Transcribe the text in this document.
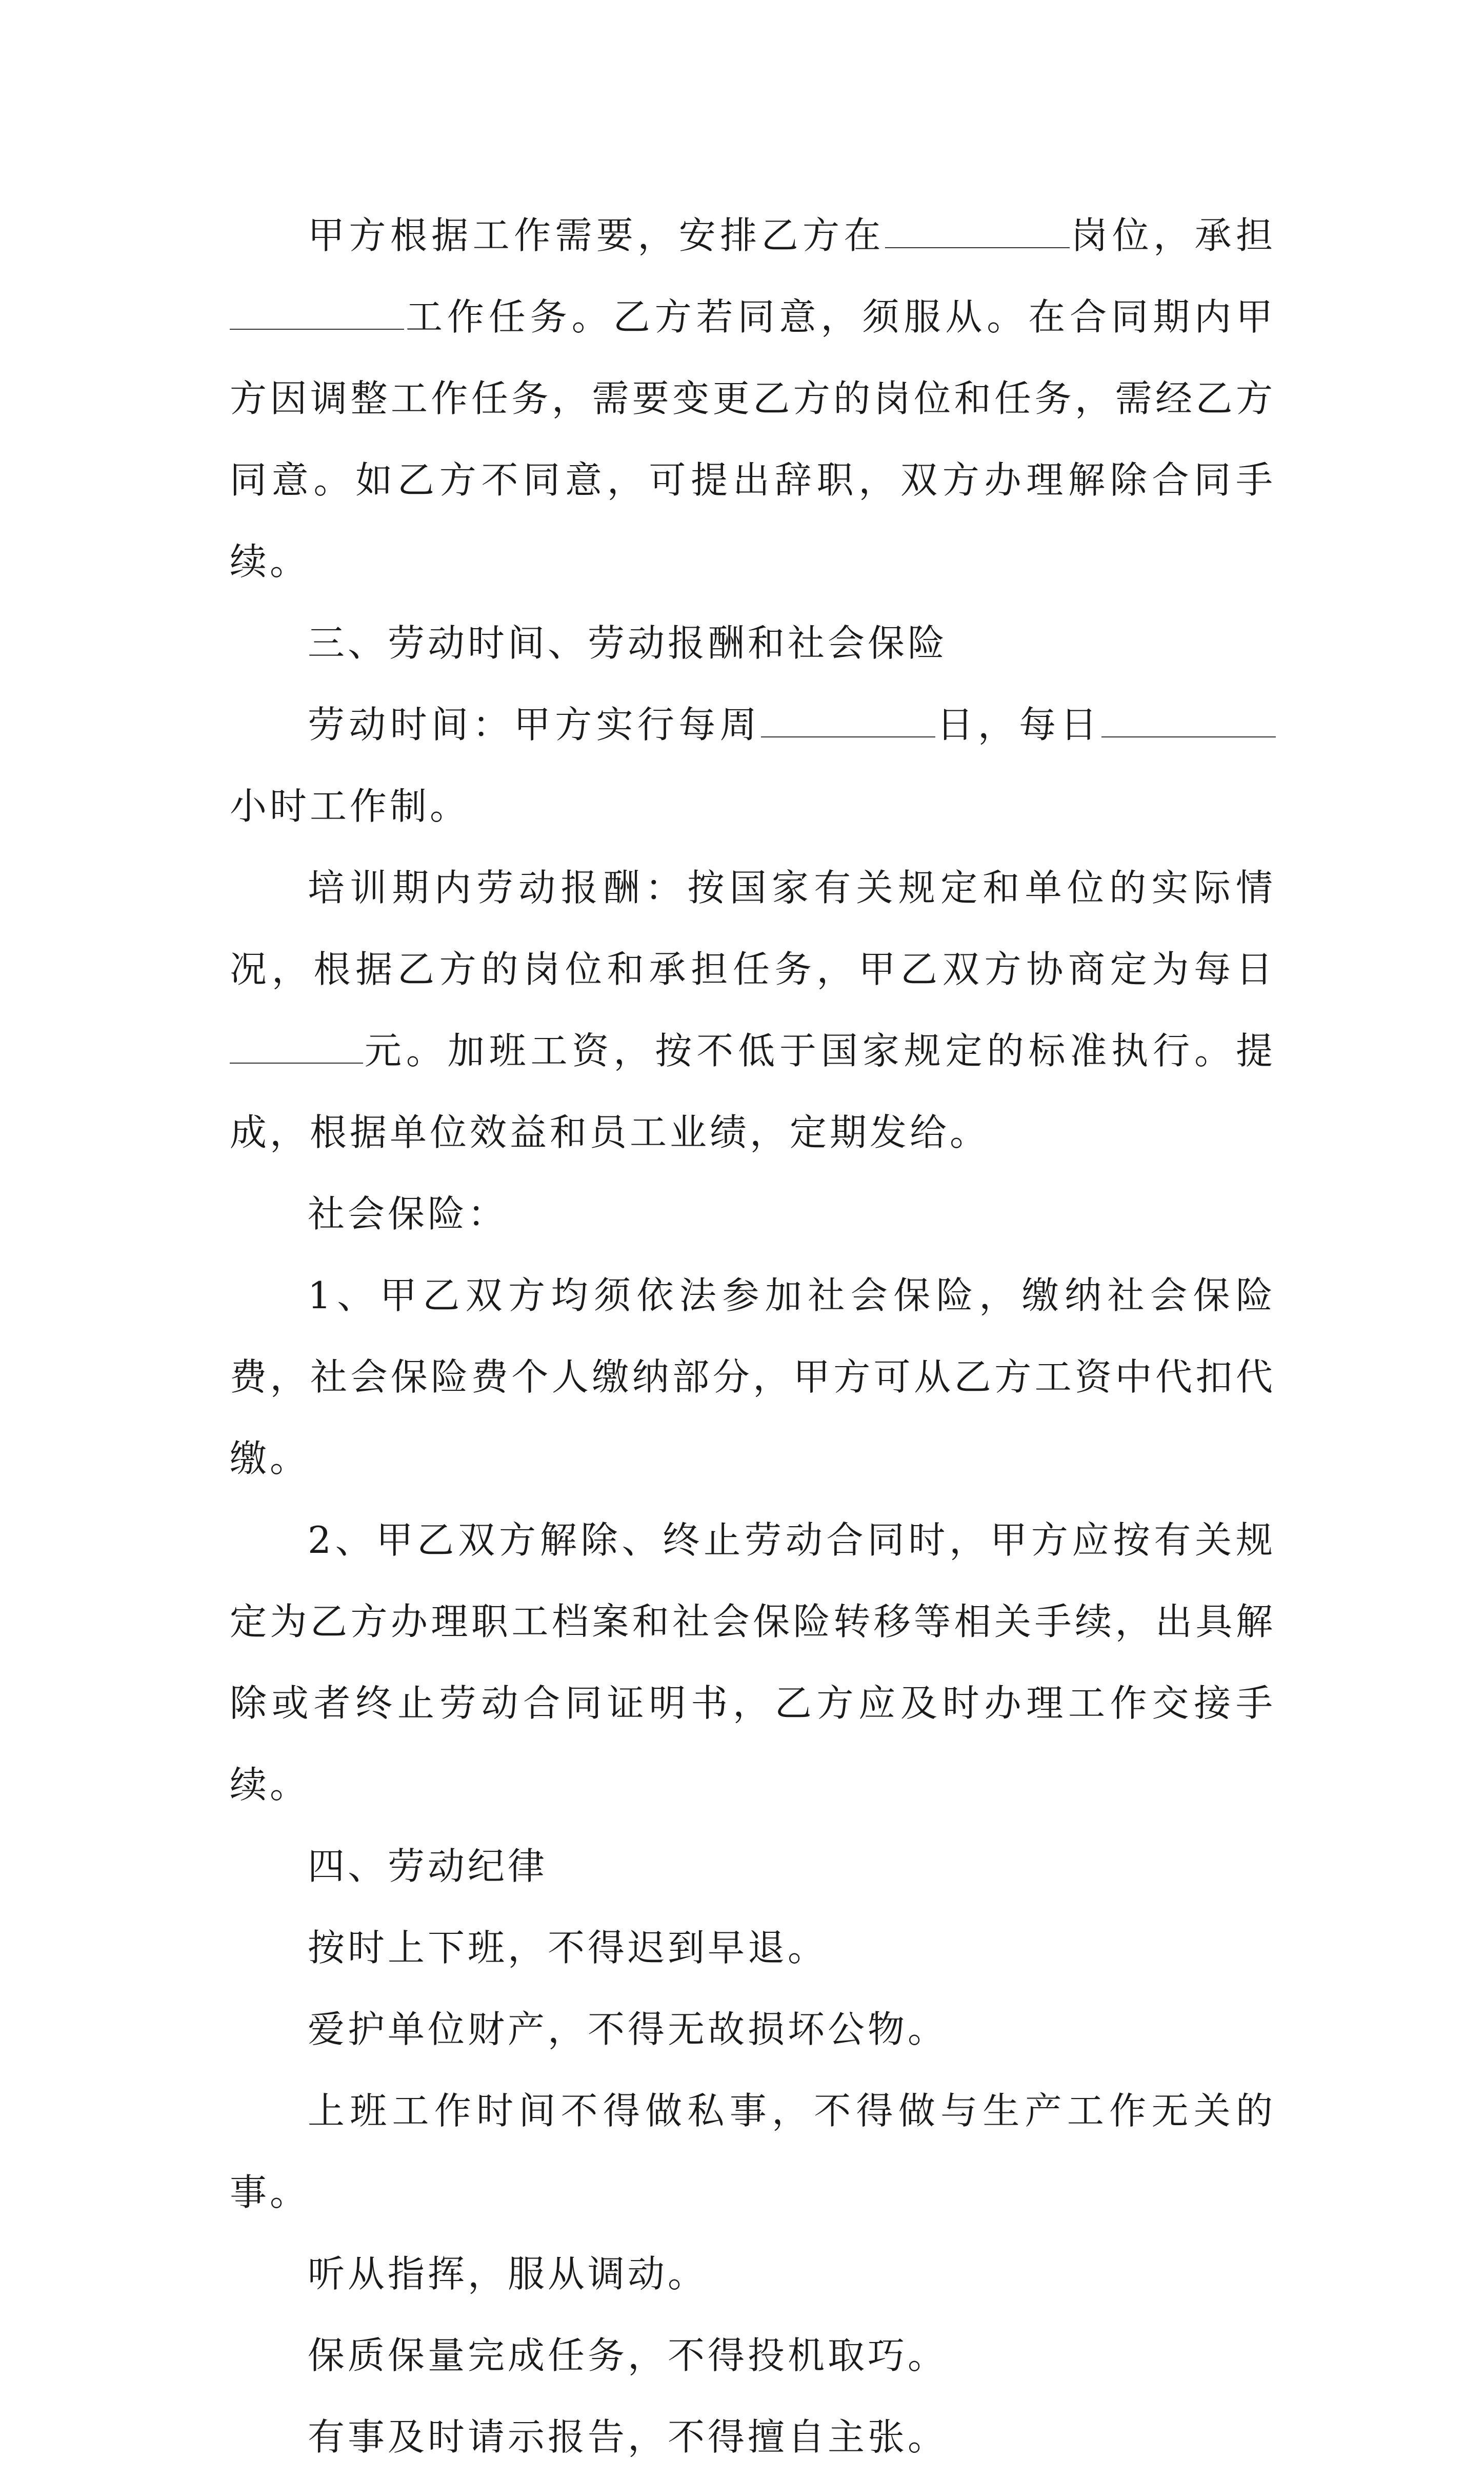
甲方根据工作需要，安排乙方在	岗位，承担工作任务。乙方若同意，须服从。在合同期内甲方因调整工作任务，需要变更乙方的岗位和任务，需经乙方同意。如乙方不同意，可提出辞职，双方办理解除合同手续。

三、劳动时间、劳动报酬和社会保险

劳动时间：甲方实行每周	日，每日小时工作制。

培训期内劳动报酬：按国家有关规定和单位的实际情况，根据乙方的岗位和承担任务，甲乙双方协商定为每日元。加班工资，按不低于国家规定的标准执行。提成，根据单位效益和员工业绩，定期发给。

社会保险：

1、甲乙双方均须依法参加社会保险，缴纳社会保险费，社会保险费个人缴纳部分，甲方可从乙方工资中代扣代缴。

2、甲乙双方解除、终止劳动合同时，甲方应按有关规定为乙方办理职工档案和社会保险转移等相关手续，出具解除或者终止劳动合同证明书，乙方应及时办理工作交接手续。

四、劳动纪律

按时上下班，不得迟到早退。

爱护单位财产，不得无故损坏公物。

上班工作时间不得做私事，不得做与生产工作无关的事。

听从指挥，服从调动。

保质保量完成任务，不得投机取巧。

有事及时请示报告，不得擅自主张。
